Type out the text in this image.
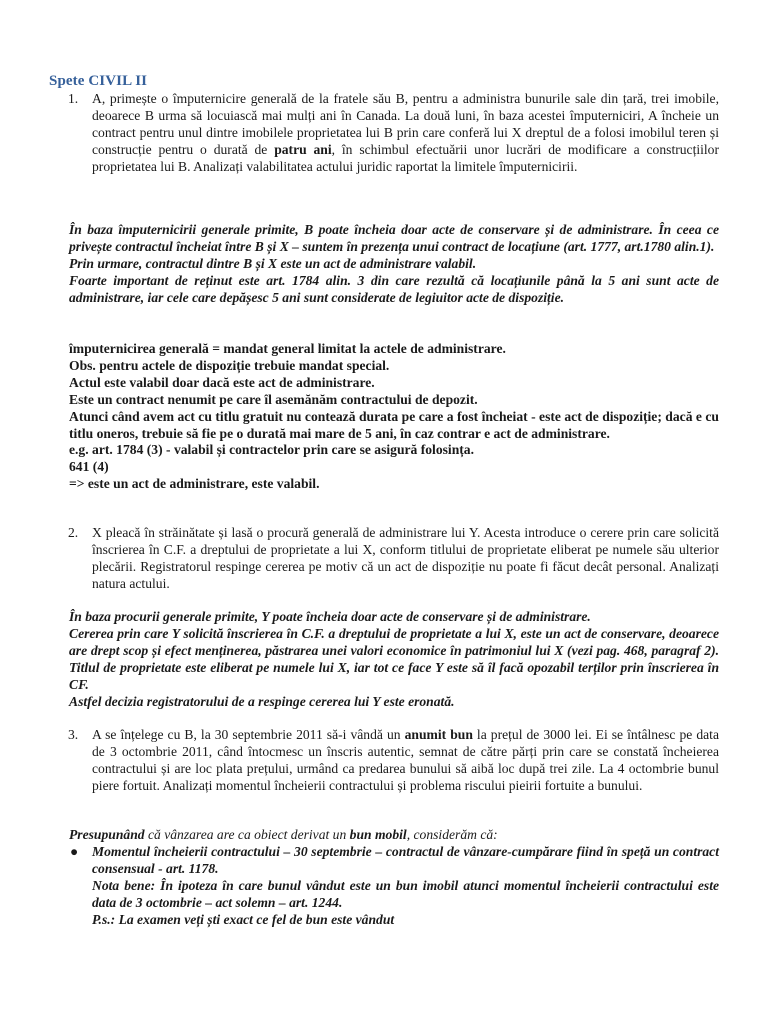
Spete CIVIL II
1. A, primește o împuternicire generală de la fratele său B, pentru a administra bunurile sale din țară, trei imobile, deoarece B urma să locuiască mai mulți ani în Canada. La două luni, în baza acestei împuterniciri, A încheie un contract pentru unul dintre imobilele proprietatea lui B prin care conferă lui X dreptul de a folosi imobilul teren și construcție pentru o durată de patru ani, în schimbul efectuării unor lucrări de modificare a construcțiilor proprietatea lui B. Analizați valabilitatea actului juridic raportat la limitele împuternicirii.

În baza împuternicirii generale primite, B poate încheia doar acte de conservare și de administrare. În ceea ce privește contractul încheiat între B și X – suntem în prezența unui contract de locațiune (art. 1777, art.1780 alin.1).

Prin urmare, contractul dintre B și X este un act de administrare valabil.

Foarte important de reținut este art. 1784 alin. 3 din care rezultă că locațiunile până la 5 ani sunt acte de administrare, iar cele care depășesc 5 ani sunt considerate de legiuitor acte de dispoziție.

împuternicirea generală = mandat general limitat la actele de administrare.

Obs. pentru actele de dispoziție trebuie mandat special.

Actul este valabil doar dacă este act de administrare.

Este un contract nenumit pe care îl asemănăm contractului de depozit.

Atunci când avem act cu titlu gratuit nu contează durata pe care a fost încheiat - este act de dispoziție; dacă e cu titlu oneros, trebuie să fie pe o durată mai mare de 5 ani, în caz contrar e act de administrare.

e.g. art. 1784 (3) - valabil și contractelor prin care se asigură folosința.

641 (4)

=> este un act de administrare, este valabil.

2. X pleacă în străinătate și lasă o procură generală de administrare lui Y. Acesta introduce o cerere prin care solicită înscrierea în C.F. a dreptului de proprietate a lui X, conform titlului de proprietate eliberat pe numele său ulterior plecării. Registratorul respinge cererea pe motiv că un act de dispoziție nu poate fi făcut decât personal. Analizați natura actului.

În baza procurii generale primite, Y poate încheia doar acte de conservare și de administrare.

Cererea prin care Y solicită înscrierea în C.F. a dreptului de proprietate a lui X, este un act de conservare, deoarece are drept scop și efect menținerea, păstrarea unei valori economice în patrimoniul lui X (vezi pag. 468, paragraf 2). Titlul de proprietate este eliberat pe numele lui X, iar tot ce face Y este să îl facă opozabil terților prin înscrierea în CF.

Astfel decizia registratorului de a respinge cererea lui Y este eronată.

3. A se înțelege cu B, la 30 septembrie 2011 să-i vândă un anumit bun la prețul de 3000 lei. Ei se întâlnesc pe data de 3 octombrie 2011, când întocmesc un înscris autentic, semnat de către părți prin care se constată încheierea contractului și are loc plata prețului, urmând ca predarea bunului să aibă loc după trei zile. La 4 octombrie bunul piere fortuit. Analizați momentul încheierii contractului și problema riscului pieirii fortuite a bunului.

Presupunând că vânzarea are ca obiect derivat un bun mobil, considerăm că:

● Momentul încheierii contractului – 30 septembrie – contractul de vânzare-cumpărare fiind în speță un contract consensual - art. 1178.

Nota bene: În ipoteza în care bunul vândut este un bun imobil atunci momentul încheierii contractului este data de 3 octombrie – act solemn – art. 1244.

P.s.: La examen veți ști exact ce fel de bun este vândut
